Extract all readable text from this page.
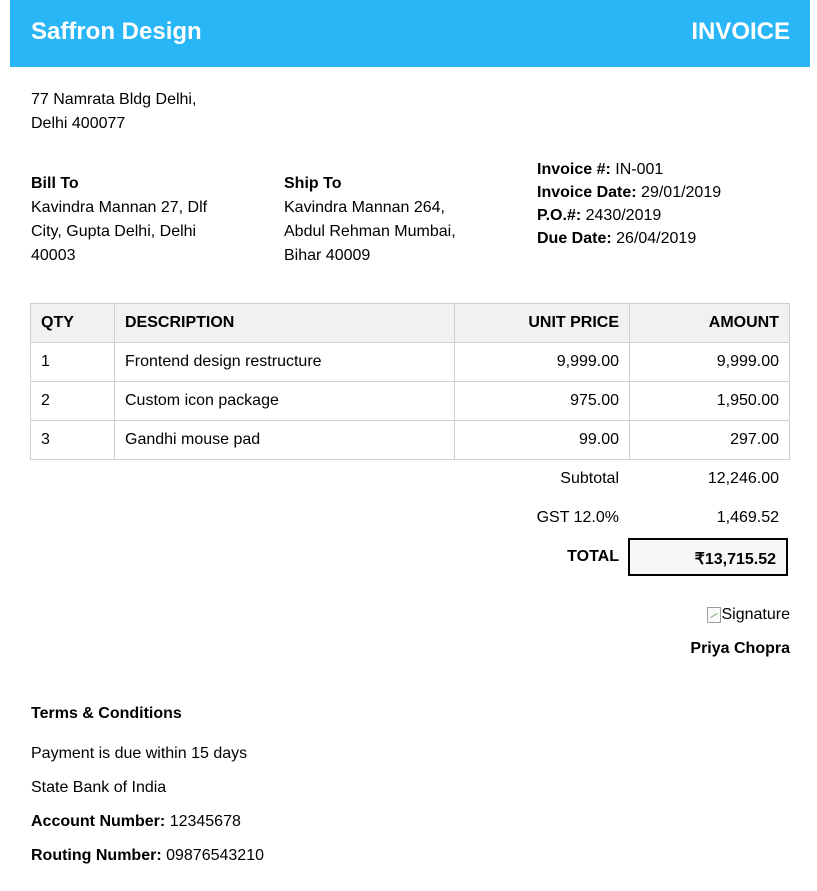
Saffron Design	INVOICE
77 Namrata Bldg Delhi,
Delhi 400077
Bill To
Kavindra Mannan 27, Dlf
City, Gupta Delhi, Delhi
40003
Ship To
Kavindra Mannan 264,
Abdul Rehman Mumbai,
Bihar 40009
Invoice #: IN-001
Invoice Date: 29/01/2019
P.O.#: 2430/2019
Due Date: 26/04/2019
QTY	DESCRIPTION	UNIT PRICE	AMOUNT
1	Frontend design restructure	9,999.00	9,999.00
2	Custom icon package	975.00	1,950.00
3	Gandhi mouse pad	99.00	297.00
Subtotal	12,246.00
GST 12.0%	1,469.52
TOTAL	₹13,715.52
Signature
Priya Chopra
Terms & Conditions
Payment is due within 15 days
State Bank of India
Account Number: 12345678
Routing Number: 09876543210
